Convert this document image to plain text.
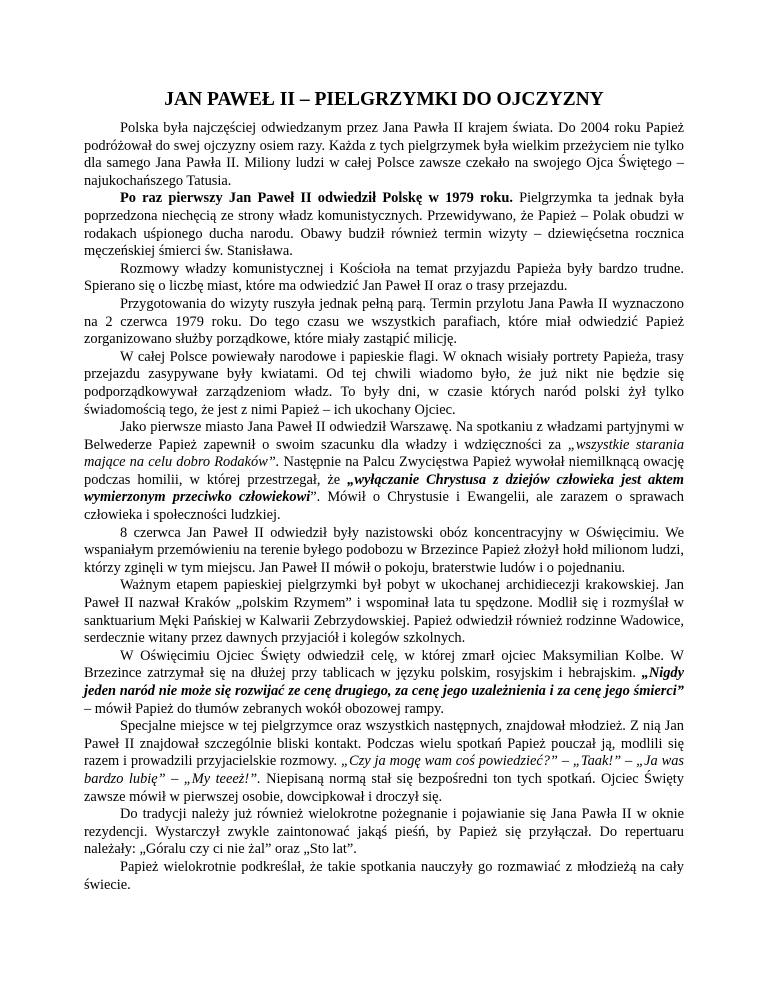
JAN PAWEŁ II – PIELGRZYMKI DO OJCZYZNY

Polska była najczęściej odwiedzanym przez Jana Pawła II krajem świata. Do 2004 roku Papież podróżował do swej ojczyzny osiem razy. Każda z tych pielgrzymek była wielkim przeżyciem nie tylko dla samego Jana Pawła II. Miliony ludzi w całej Polsce zawsze czekało na swojego Ojca Świętego – najukochańszego Tatusia.

Po raz pierwszy Jan Paweł II odwiedził Polskę w 1979 roku. Pielgrzymka ta jednak była poprzedzona niechęcią ze strony władz komunistycznych. Przewidywano, że Papież – Polak obudzi w rodakach uśpionego ducha narodu. Obawy budził również termin wizyty – dziewięćsetna rocznica męczeńskiej śmierci św. Stanisława.

Rozmowy władzy komunistycznej i Kościoła na temat przyjazdu Papieża były bardzo trudne. Spierano się o liczbę miast, które ma odwiedzić Jan Paweł II oraz o trasy przejazdu.

Przygotowania do wizyty ruszyła jednak pełną parą. Termin przylotu Jana Pawła II wyznaczono na 2 czerwca 1979 roku. Do tego czasu we wszystkich parafiach, które miał odwiedzić Papież zorganizowano służby porządkowe, które miały zastąpić milicję.

W całej Polsce powiewały narodowe i papieskie flagi. W oknach wisiały portrety Papieża, trasy przejazdu zasypywane były kwiatami. Od tej chwili wiadomo było, że już nikt nie będzie się podporządkowywał zarządzeniom władz. To były dni, w czasie których naród polski żył tylko świadomością tego, że jest z nimi Papież – ich ukochany Ojciec.

Jako pierwsze miasto Jana Paweł II odwiedził Warszawę. Na spotkaniu z władzami partyjnymi w Belwederze Papież zapewnił o swoim szacunku dla władzy i wdzięczności za „wszystkie starania mające na celu dobro Rodaków”. Następnie na Palcu Zwycięstwa Papież wywołał niemilknącą owację podczas homilii, w której przestrzegał, że „wyłączanie Chrystusa z dziejów człowieka jest aktem wymierzonym przeciwko człowiekowi”. Mówił o Chrystusie i Ewangelii, ale zarazem o sprawach człowieka i społeczności ludzkiej.

8 czerwca Jan Paweł II odwiedził były nazistowski obóz koncentracyjny w Oświęcimiu. We wspaniałym przemówieniu na terenie byłego podobozu w Brzezince Papież złożył hołd milionom ludzi, którzy zginęli w tym miejscu. Jan Paweł II mówił o pokoju, braterstwie ludów i o pojednaniu.

Ważnym etapem papieskiej pielgrzymki był pobyt w ukochanej archidiecezji krakowskiej. Jan Paweł II nazwał Kraków „polskim Rzymem” i wspominał lata tu spędzone. Modlił się i rozmyślał w sanktuarium Męki Pańskiej w Kalwarii Zebrzydowskiej. Papież odwiedził również rodzinne Wadowice, serdecznie witany przez dawnych przyjaciół i kolegów szkolnych.

W Oświęcimiu Ojciec Święty odwiedził celę, w której zmarł ojciec Maksymilian Kolbe. W Brzezince zatrzymał się na dłużej przy tablicach w języku polskim, rosyjskim i hebrajskim. „Nigdy jeden naród nie może się rozwijać ze cenę drugiego, za cenę jego uzależnienia i za cenę jego śmierci” – mówił Papież do tłumów zebranych wokół obozowej rampy.

Specjalne miejsce w tej pielgrzymce oraz wszystkich następnych, znajdował młodzież. Z nią Jan Paweł II znajdował szczególnie bliski kontakt. Podczas wielu spotkań Papież pouczał ją, modlili się razem i prowadzili przyjacielskie rozmowy. „Czy ja mogę wam coś powiedzieć?” – „Taak!” – „Ja was bardzo lubię” – „My teeeż!”. Niepisaną normą stał się bezpośredni ton tych spotkań. Ojciec Święty zawsze mówił w pierwszej osobie, dowcipkował i droczył się.

Do tradycji należy już również wielokrotne pożegnanie i pojawianie się Jana Pawła II w oknie rezydencji. Wystarczył zwykle zaintonować jakąś pieśń, by Papież się przyłączał. Do repertuaru należały: „Góralu czy ci nie żal” oraz „Sto lat”.

Papież wielokrotnie podkreślał, że takie spotkania nauczyły go rozmawiać z młodzieżą na cały świecie.
